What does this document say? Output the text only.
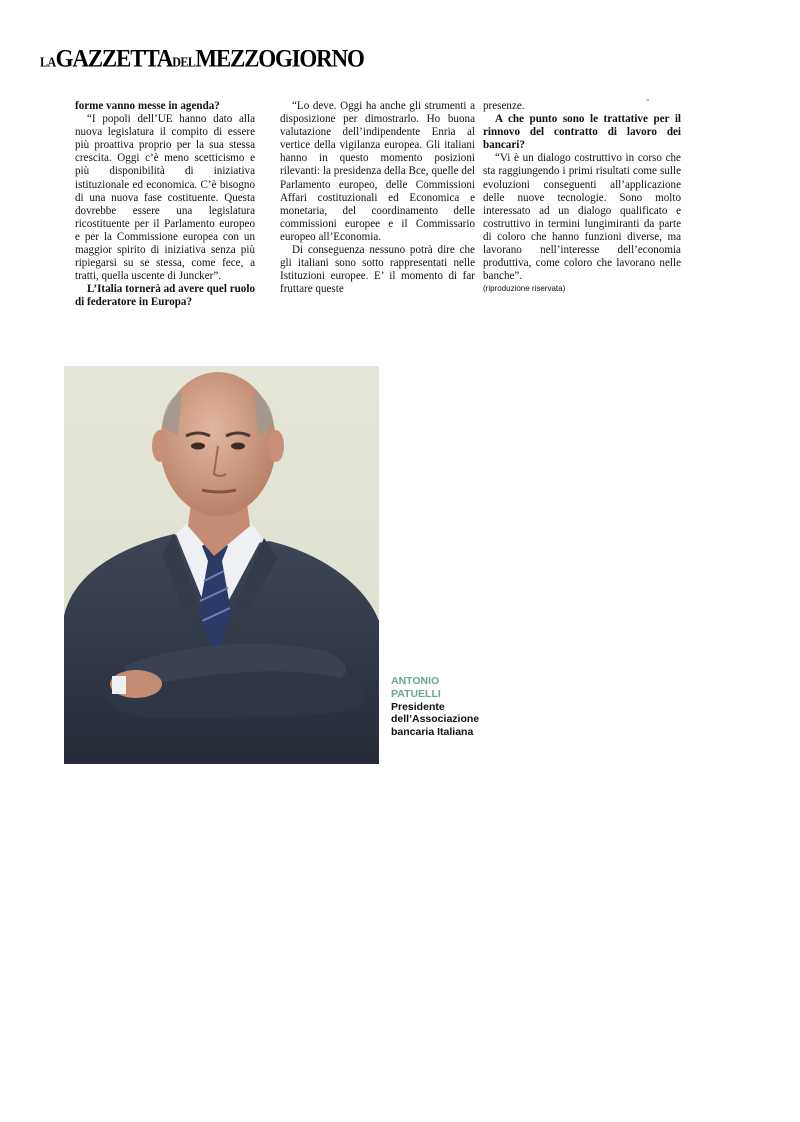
LAGAZZETTADELMEZZOGIORNO
-

forme vanno messe in agenda?

“I popoli dell’UE hanno dato alla nuova legislatura il compito di essere più proattiva proprio per la sua stessa crescita. Oggi c’è meno scetticismo e più disponibilità di iniziativa istituzionale ed economica. C’è bisogno di una nuova fase costituente. Questa dovrebbe essere una legislatura ricostituente per il Parlamento europeo e per la Commissione europea con un maggior spirito di iniziativa senza più ripiegarsi su se stessa, come fece, a tratti, quella uscente di Juncker”.

L’Italia tornerà ad avere quel ruolo di federatore in Europa?

“Lo deve. Oggi ha anche gli strumenti a disposizione per dimostrarlo. Ho buona valutazione dell’indipendente Enria al vertice della vigilanza europea. Gli italiani hanno in questo momento posizioni rilevanti: la presidenza della Bce, quelle del Parlamento europeo, delle Commissioni Affari costituzionali ed Economica e monetaria, del coordinamento delle commissioni europee e il Commissario europeo all’Economia.

Di conseguenza nessuno potrà dire che gli italiani sono sotto rappresentati nelle Istituzioni europee. E’ il momento di far fruttare queste

presenze.

A che punto sono le trattative per il rinnovo del contratto di lavoro dei bancari?

“Vi è un dialogo costruttivo in corso che sta raggiungendo i primi risultati come sulle evoluzioni conseguenti all’applicazione delle nuove tecnologie. Sono molto interessato ad un dialogo qualificato e costruttivo in termini lungimiranti da parte di coloro che hanno funzioni diverse, ma lavorano nell’interesse dell’economia produttiva, come coloro che lavorano nelle banche”.

(riproduzione riservata)

ANTONIO PATUELLI
Presidente dell’Associazione bancaria Italiana
